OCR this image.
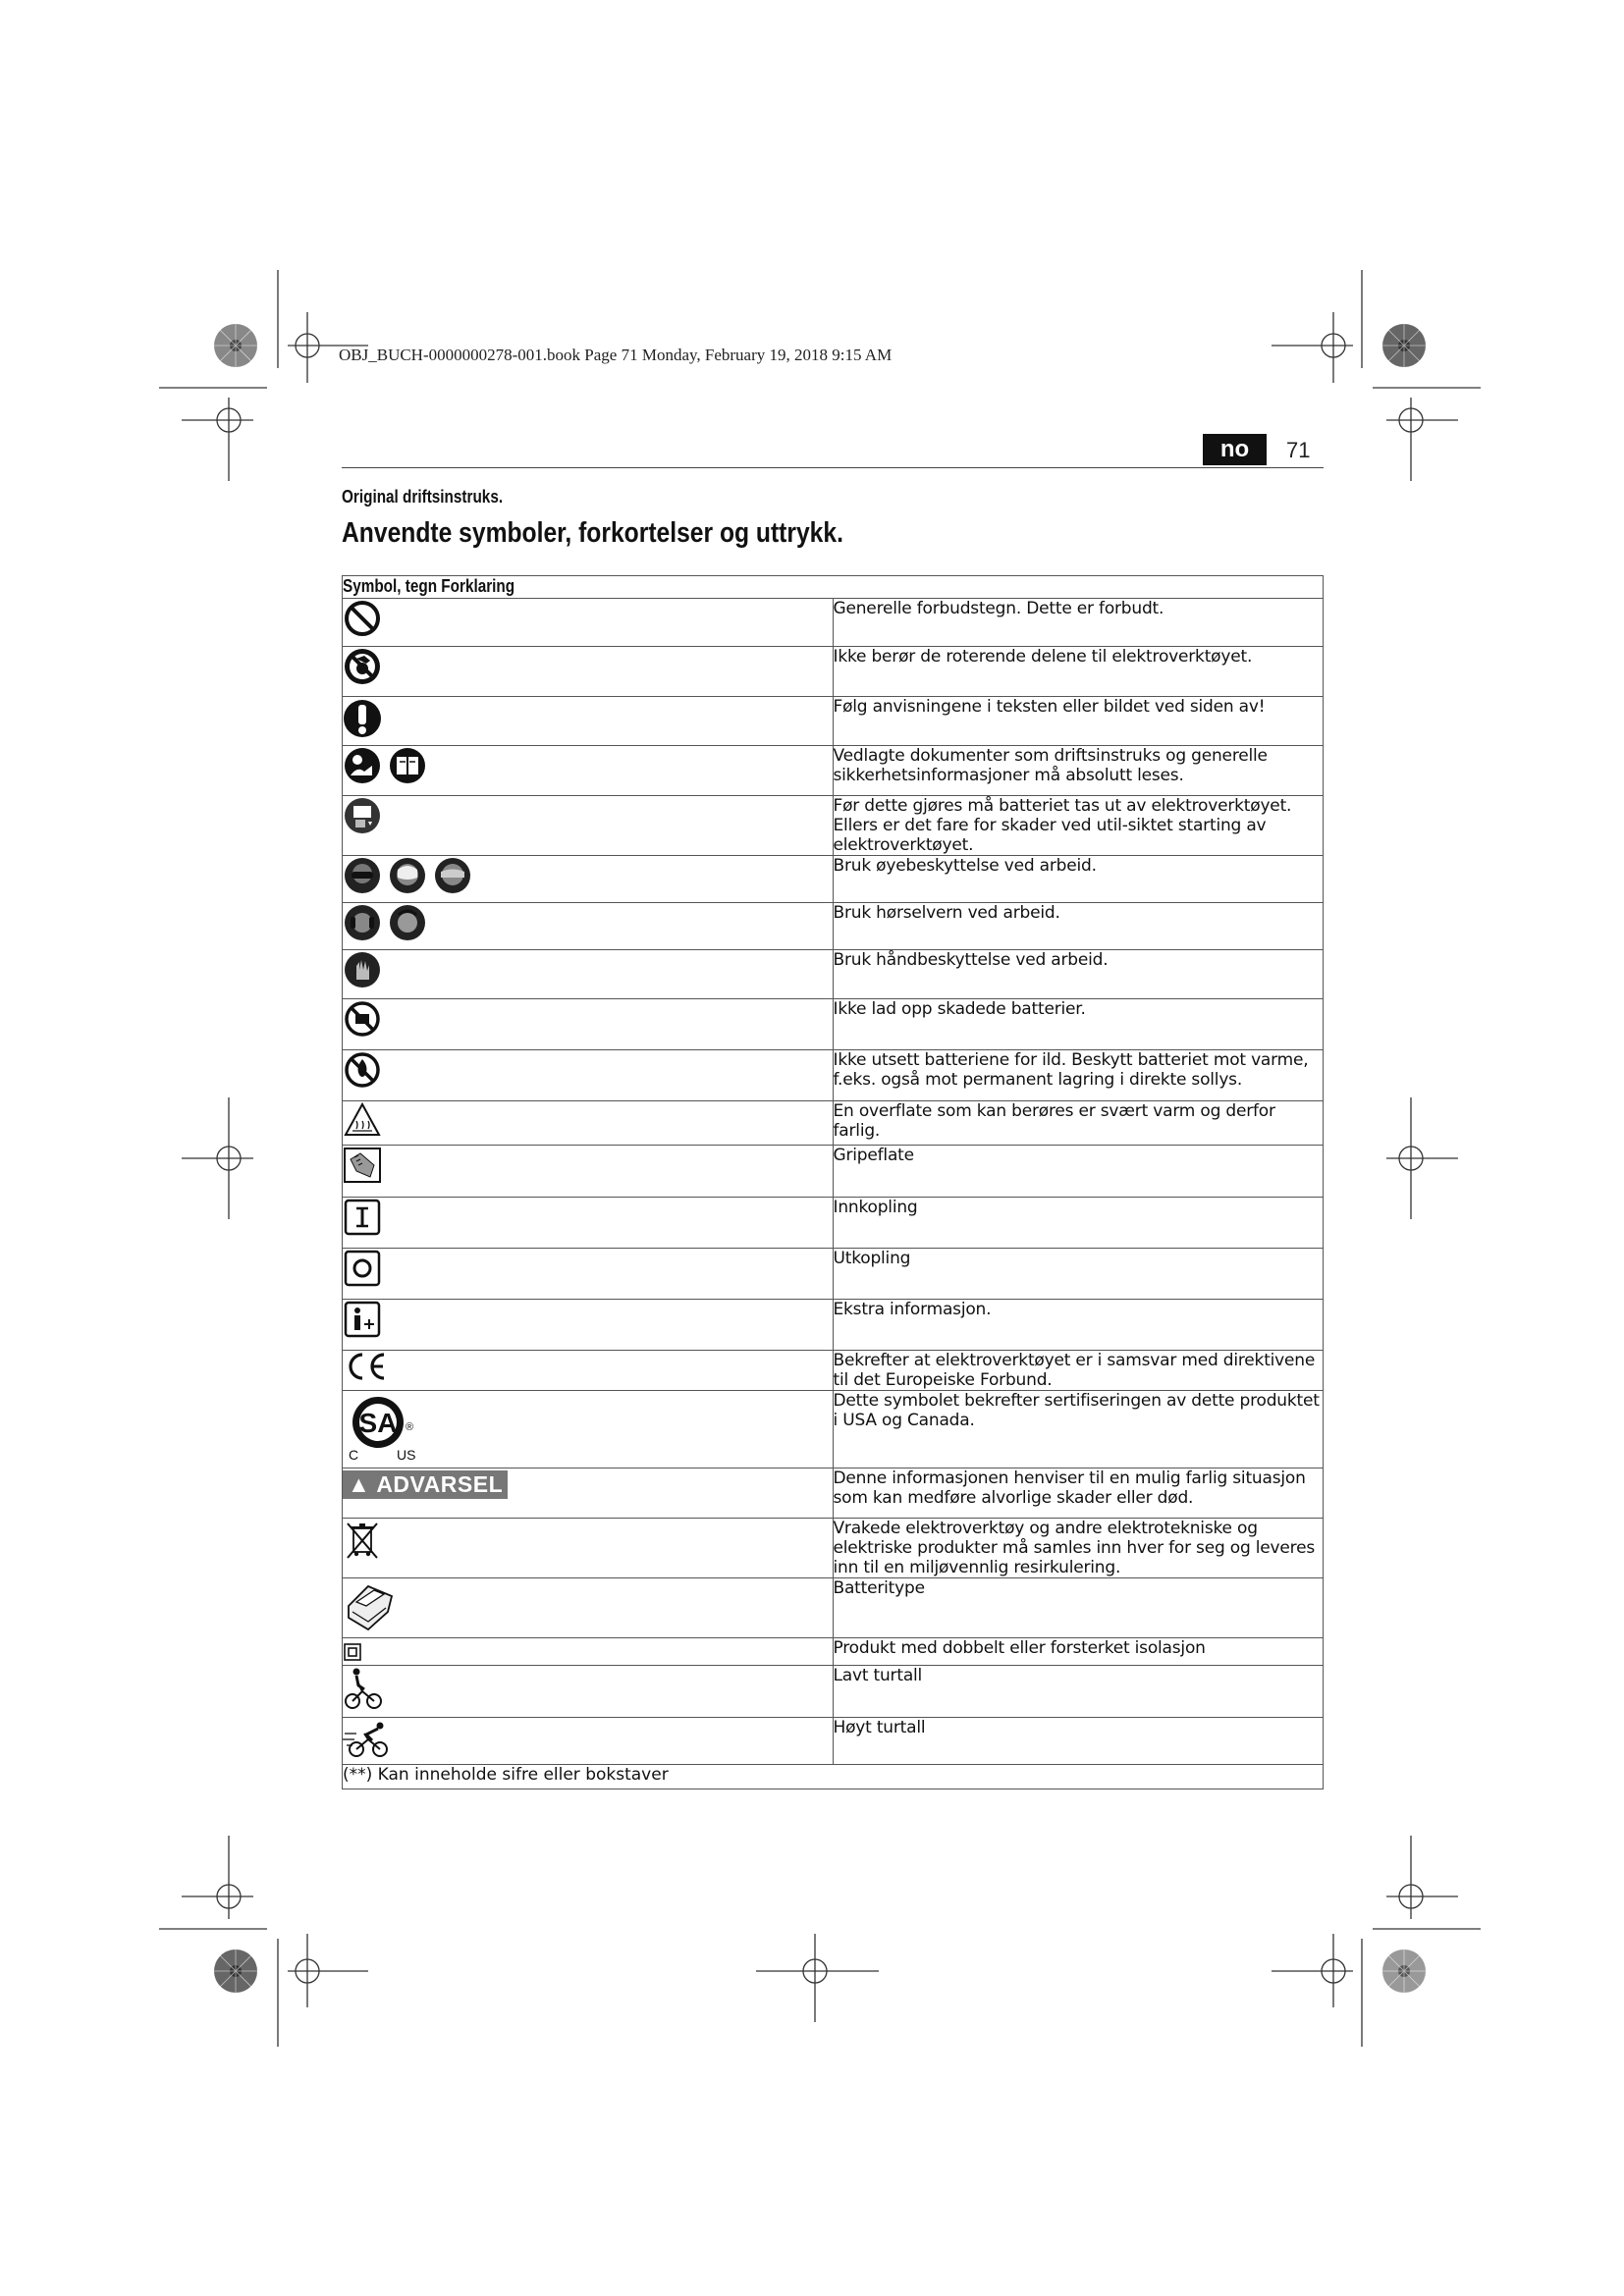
OBJ_BUCH-0000000278-001.book Page 71 Monday, February 19, 2018 9:15 AM
no	71
Original driftsinstruks.
Anvendte symboler, forkortelser og uttrykk.
Symbol, tegn Forklaring	

	Generelle forbudstegn. Dette er forbudt.

	Ikke berør de roterende delene til elektroverktøyet.

	Følg anvisningene i teksten eller bildet ved siden av!

	Vedlagte dokumenter som driftsinstruks og generelle sikkerhetsinformasjoner må absolutt leses.

	Før dette gjøres må batteriet tas ut av elektroverktøyet. Ellers er det fare for skader ved util-siktet starting av elektroverktøyet.

	Bruk øyebeskyttelse ved arbeid.

	Bruk hørselvern ved arbeid.

	Bruk håndbeskyttelse ved arbeid.

	Ikke lad opp skadede batterier.

	Ikke utsett batteriene for ild. Beskytt batteriet mot varme, f.eks. også mot permanent lagring i direkte sollys.

	En overflate som kan berøres er svært varm og derfor farlig.

	Gripeflate

	Innkopling

	Utkopling

	Ekstra informasjon.

	Bekrefter at elektroverktøyet er i samsvar med direktivene til det Europeiske Forbund.

SA
C US
®	Dette symbolet bekrefter sertifiseringen av dette produktet i USA og Canada.

▲ ADVARSEL	Denne informasjonen henviser til en mulig farlig situasjon som kan medføre alvorlige skader eller død.

	Vrakede elektroverktøy og andre elektrotekniske og elektriske produkter må samles inn hver for seg og leveres inn til en miljøvennlig resirkulering.

	Batteritype

	Produkt med dobbelt eller forsterket isolasjon

	Lavt turtall

	Høyt turtall
(**) Kan inneholde sifre eller bokstaver	
